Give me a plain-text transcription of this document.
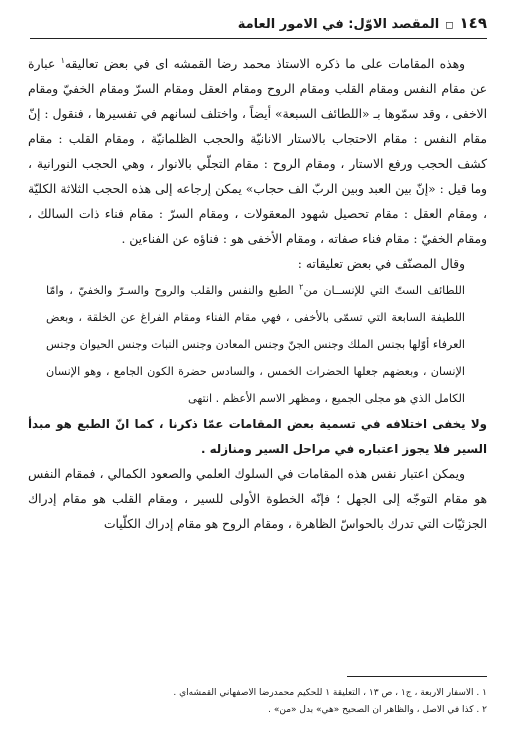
١٤٩
◻
المقصد الاوّل: في الامور العامة

وهذه المقامات على ما ذكره الاستاذ محمد رضا القمشه اى في بعض تعاليقه$^١$ عبارة عن مقام النفس ومقام القلب ومقام الروح ومقام العقل ومقام السرّ ومقام الخفيّ ومقام الاخفى ، وقد سمّوها بـ «اللطائف السبعة» أيضاً ، واختلف لسانهم في تفسيرها ، فنقول : إنّ مقام النفس : مقام الاحتجاب بالاستار الانانيّة والحجب الظلمانيّة ، ومقام القلب : مقام كشف الحجب ورفع الاستار ، ومقام الروح : مقام التجلّي بالانوار ، وهي الحجب النورانية ، وما قيل : «إنّ بين العبد وبين الربّ الف حجاب» يمكن إرجاعه إلى هذه الحجب الثلاثة الكليّة ، ومقام العقل : مقام تحصيل شهود المعقولات ، ومقام السرّ : مقام فناء ذات السالك ، ومقام الخفيّ : مقام فناء صفاته ، ومقام الأخفى هو : فناؤه عن الفناءين .

وقال المصنّف في بعض تعليقاته :

اللطائف الستّ التي للإنســان من$^٢$ الطبع والنفس والقلب والروح والسـرّ والخفيّ ، وامّا اللطيفة السابعة التي تسمّى بالأخفى ، فهي مقام الفناء ومقام الفراغ عن الخلقة ، وبعض العرفاء أوّلها بجنس الملك وجنس الجنّ وجنس المعادن وجنس النبات وجنس الحيوان وجنس الإنسان ، وبعضهم جعلها الحضرات الخمس ، والسادس حضرة الكون الجامع ، وهو الإنسان الكامل الذي هو مجلى الجميع ، ومظهر الاسم الأعظم . انتهى

ولا يخفى اختلافه في تسمية بعض المقامات عمّا ذكرنا ، كما انّ الطبع هو مبدأ السير فلا يجوز اعتباره في مراحل السير ومنازله .

ويمكن اعتبار نفس هذه المقامات في السلوك العلمي والصعود الكمالي ، فمقام النفس هو مقام التوجّه إلى الجهل ؛ فإنّه الخطوة الأولى للسير ، ومقام القلب هو مقام إدراك الجزئيّات التي تدرك بالحواسّ الظاهرة ، ومقام الروح هو مقام إدراك الكلّيات

١ . الاسفار الاربعة ، ج١ ، ص ١٣ ، التعليقة ١ للحكيم محمدرضا الاصفهاني القمشه‌اي .
٢ . كذا في الاصل ، والظاهر ان الصحيح «هي» بدل «من» .
